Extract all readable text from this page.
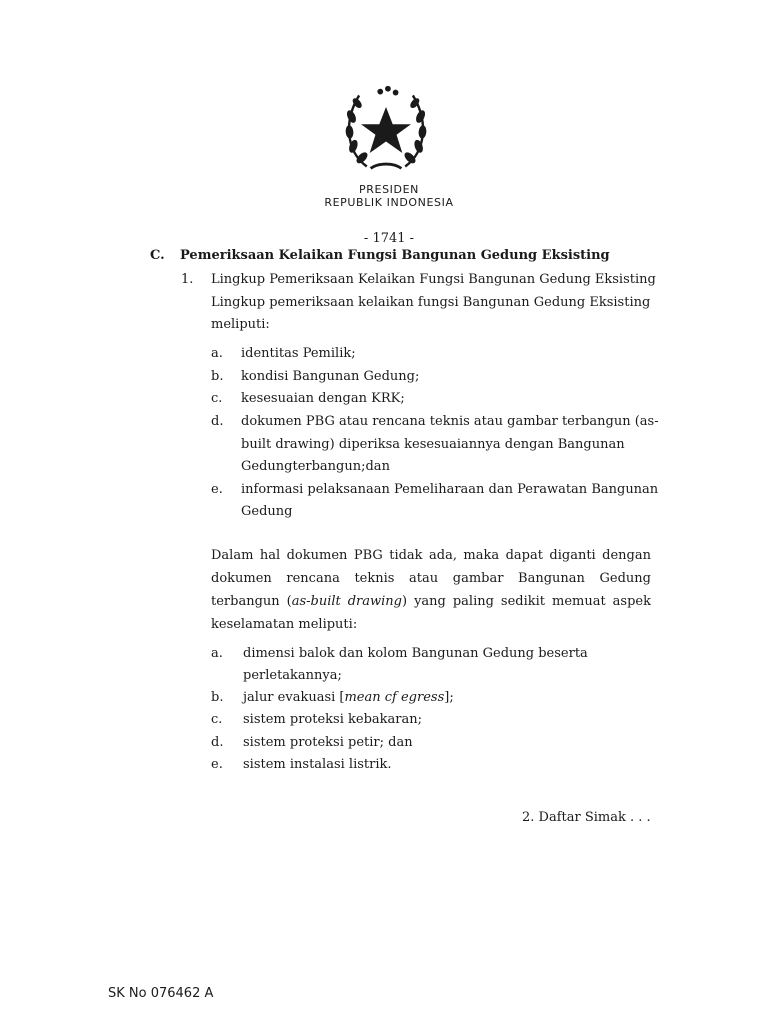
PRESIDEN
REPUBLIK INDONESIA
- 1741 -
C. Pemeriksaan Kelaikan Fungsi Bangunan Gedung Eksisting
1. Lingkup Pemeriksaan Kelaikan Fungsi Bangunan Gedung Eksisting
Lingkup pemeriksaan kelaikan fungsi Bangunan Gedung Eksisting
meliputi:
a. identitas Pemilik;
b. kondisi Bangunan Gedung;
c. kesesuaian dengan KRK;
d. dokumen PBG atau rencana teknis atau gambar terbangun (as-
built drawing) diperiksa kesesuaiannya dengan Bangunan
Gedungterbangun;dan
e. informasi pelaksanaan Pemeliharaan dan Perawatan Bangunan
Gedung
Dalam hal dokumen PBG tidak ada, maka dapat diganti dengan dokumen rencana teknis atau gambar Bangunan Gedung terbangun (as-built drawing) yang paling sedikit memuat aspek keselamatan meliputi:
a. dimensi balok dan kolom Bangunan Gedung beserta
perletakannya;
b. jalur evakuasi [mean cf egress];
c. sistem proteksi kebakaran;
d. sistem proteksi petir; dan
e. sistem instalasi listrik.
2. Daftar Simak . . .
SK No 076462 A
